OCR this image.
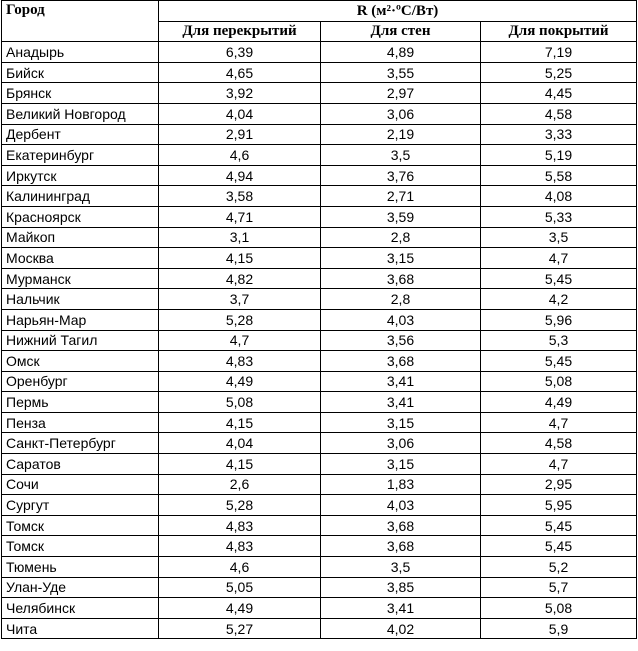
Город	R (м²·ºС/Вт)		
	Для перекрытий	Для стен	Для покрытий
Анадырь	6,39	4,89	7,19
Бийск	4,65	3,55	5,25
Брянск	3,92	2,97	4,45
Великий Новгород	4,04	3,06	4,58
Дербент	2,91	2,19	3,33
Екатеринбург	4,6	3,5	5,19
Иркутск	4,94	3,76	5,58
Калининград	3,58	2,71	4,08
Красноярск	4,71	3,59	5,33
Майкоп	3,1	2,8	3,5
Москва	4,15	3,15	4,7
Мурманск	4,82	3,68	5,45
Нальчик	3,7	2,8	4,2
Нарьян-Мар	5,28	4,03	5,96
Нижний Тагил	4,7	3,56	5,3
Омск	4,83	3,68	5,45
Оренбург	4,49	3,41	5,08
Пермь	5,08	3,41	4,49
Пенза	4,15	3,15	4,7
Санкт-Петербург	4,04	3,06	4,58
Саратов	4,15	3,15	4,7
Сочи	2,6	1,83	2,95
Сургут	5,28	4,03	5,95
Томск	4,83	3,68	5,45
Томск	4,83	3,68	5,45
Тюмень	4,6	3,5	5,2
Улан-Уде	5,05	3,85	5,7
Челябинск	4,49	3,41	5,08
Чита	5,27	4,02	5,9
